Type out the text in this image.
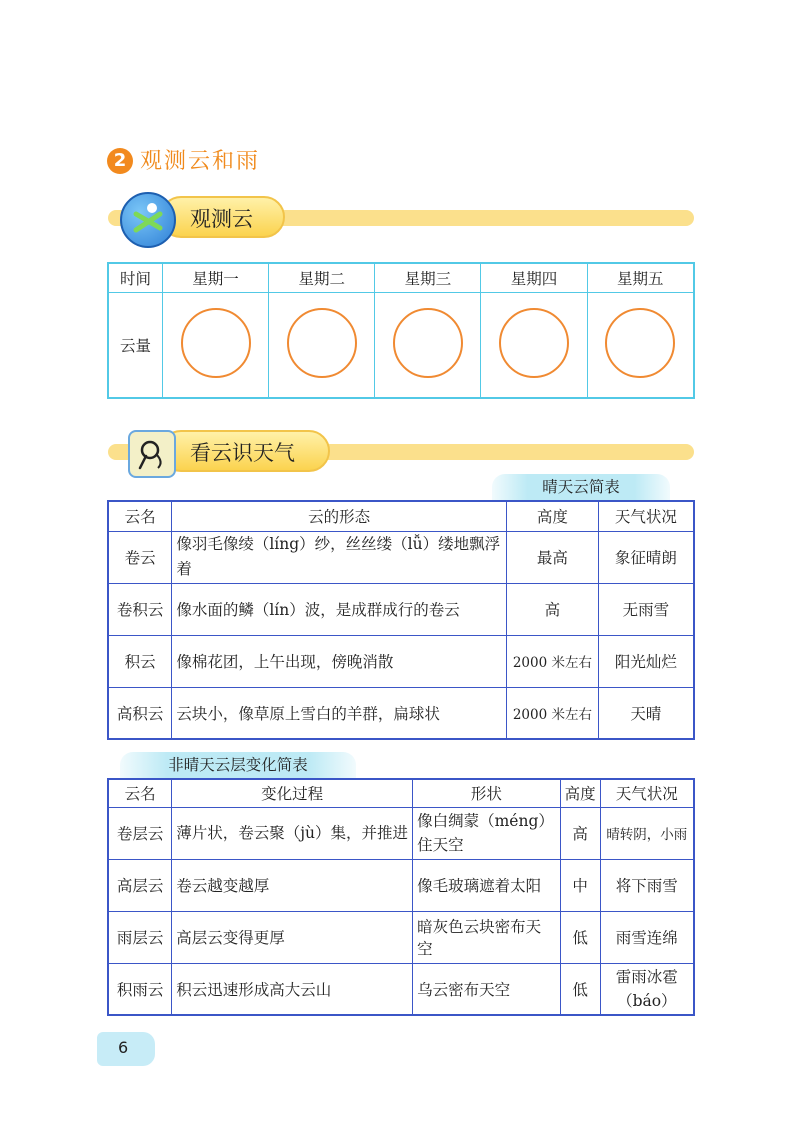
2 观测云和雨
观测云
时间	星期一	星期二	星期三	星期四	星期五
云量					
看云识天气
晴天云简表
云名	云的形态	高度	天气状况
卷云	像羽毛像绫（líng）纱，丝丝缕（lǚ）缕地飘浮着	最高	象征晴朗
卷积云	像水面的鳞（lín）波，是成群成行的卷云	高	无雨雪
积云	像棉花团，上午出现，傍晚消散	2000 米左右	阳光灿烂
高积云	云块小，像草原上雪白的羊群，扁球状	2000 米左右	天晴
非晴天云层变化简表
云名	变化过程	形状	高度	天气状况
卷层云	薄片状，卷云聚（jù）集，并推进	像白绸蒙（méng）住天空	高	晴转阴，小雨
高层云	卷云越变越厚	像毛玻璃遮着太阳	中	将下雨雪
雨层云	高层云变得更厚	暗灰色云块密布天空	低	雨雪连绵
积雨云	积云迅速形成高大云山	乌云密布天空	低	雷雨冰雹（báo）
6
